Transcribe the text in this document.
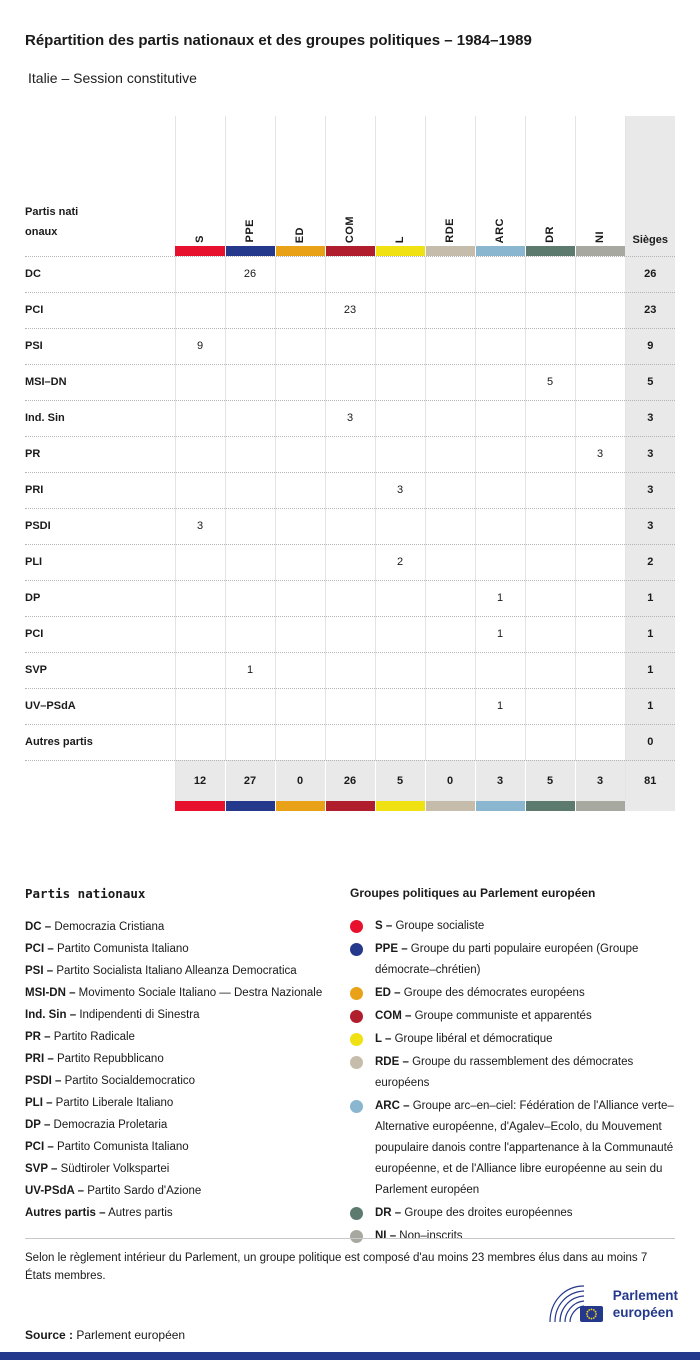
Répartition des partis nationaux et des groupes politiques – 1984–1989
Italie – Session constitutive
Partis nationaux	S	PPE	ED	COM	L	RDE	ARC	DR	NI	Sièges

DC		26								26
PCI				23						23
PSI	9									9
MSI–DN								5		5
Ind. Sin				3						3
PR									3	3
PRI					3					3
PSDI	3									3
PLI					2					2
DP							1			1
PCI							1			1
SVP		1								1
UV–PSdA							1			1
Autres partis										0
	12	27	0	26	5	0	3	5	3	81

Partis nationaux
DC – Democrazia Cristiana
PCI – Partito Comunista Italiano
PSI – Partito Socialista Italiano Alleanza Democratica
MSI-DN – Movimento Sociale Italiano — Destra Nazionale
Ind. Sin – Indipendenti di Sinestra
PR – Partito Radicale
PRI – Partito Repubblicano
PSDI – Partito Socialdemocratico
PLI – Partito Liberale Italiano
DP – Democrazia Proletaria
PCI – Partito Comunista Italiano
SVP – Südtiroler Volkspartei
UV-PSdA – Partito Sardo d'Azione
Autres partis – Autres partis
Groupes politiques au Parlement européen
S – Groupe socialiste
PPE – Groupe du parti populaire européen (Groupe démocrate–chrétien)
ED – Groupe des démocrates européens
COM – Groupe communiste et apparentés
L – Groupe libéral et démocratique
RDE – Groupe du rassemblement des démocrates européens
ARC – Groupe arc–en–ciel: Fédération de l'Alliance verte–Alternative européenne, d'Agalev–Ecolo, du Mouvement poupulaire danois contre l'appartenance à la Communauté européenne, et de l'Alliance libre européenne au sein du Parlement européen
DR – Groupe des droites européennes
NI – Non–inscrits
Selon le règlement intérieur du Parlement, un groupe politique est composé d'au moins 23 membres élus dans au moins 7 États membres.
Source : Parlement européen
Parlement
européen
